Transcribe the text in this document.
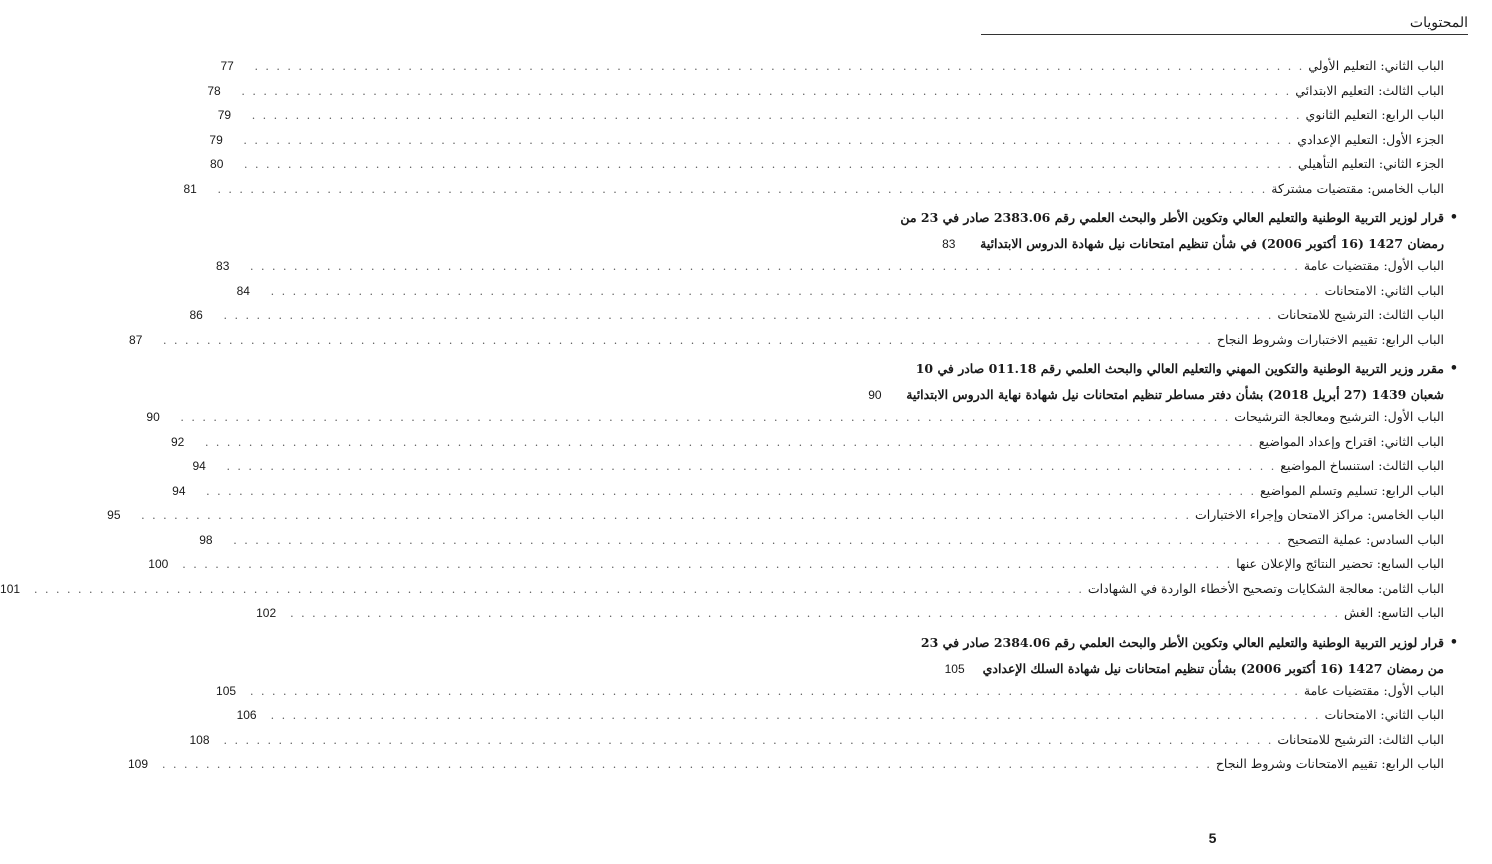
المحتويات
الباب الثاني: التعليم الأولي
. . .
77
الباب الثالث: التعليم الابتدائي
. . .
78
الباب الرابع: التعليم الثانوي
. . .
79
الجزء الأول: التعليم الإعدادي
. . .
79
الجزء الثاني: التعليم التأهيلي
. . .
80
الباب الخامس: مقتضيات مشتركة
. . .
81
•
قرار لوزير التربية الوطنية والتعليم العالي وتكوين الأطر والبحث العلمي رقم 2383.06 صادر في 23 من
رمضان 1427 (16 أكتوبر 2006) في شأن تنظيم امتحانات نيل شهادة الدروس الابتدائية
83
الباب الأول: مقتضيات عامة
. . .
83
الباب الثاني: الامتحانات
. . .
84
الباب الثالث: الترشيح للامتحانات
. . .
86
الباب الرابع: تقييم الاختبارات وشروط النجاح
. . .
87
•
مقرر وزير التربية الوطنية والتكوين المهني والتعليم العالي والبحث العلمي رقم 011.18 صادر في 10
شعبان 1439 (27 أبريل 2018) بشأن دفتر مساطر تنظيم امتحانات نيل شهادة نهاية الدروس الابتدائية
90
الباب الأول: الترشيح ومعالجة الترشيحات
. . .
90
الباب الثاني: اقتراح وإعداد المواضيع
. . .
92
الباب الثالث: استنساخ المواضيع
. . .
94
الباب الرابع: تسليم وتسلم المواضيع
. . .
94
الباب الخامس: مراكز الامتحان وإجراء الاختبارات
. . .
95
الباب السادس: عملية التصحيح
. . .
98
الباب السابع: تحضير النتائج والإعلان عنها
. . .
100
الباب الثامن: معالجة الشكايات وتصحيح الأخطاء الواردة في الشهادات
. . .
101
الباب التاسع: الغش
. . .
102
•
قرار لوزير التربية الوطنية والتعليم العالي وتكوين الأطر والبحث العلمي رقم 2384.06 صادر في 23
من رمضان 1427 (16 أكتوبر 2006) بشأن تنظيم امتحانات نيل شهادة السلك الإعدادي
105
الباب الأول: مقتضيات عامة
. . .
105
الباب الثاني: الامتحانات
. . .
106
الباب الثالث: الترشيح للامتحانات
. . .
108
الباب الرابع: تقييم الامتحانات وشروط النجاح
. . .
109
5
